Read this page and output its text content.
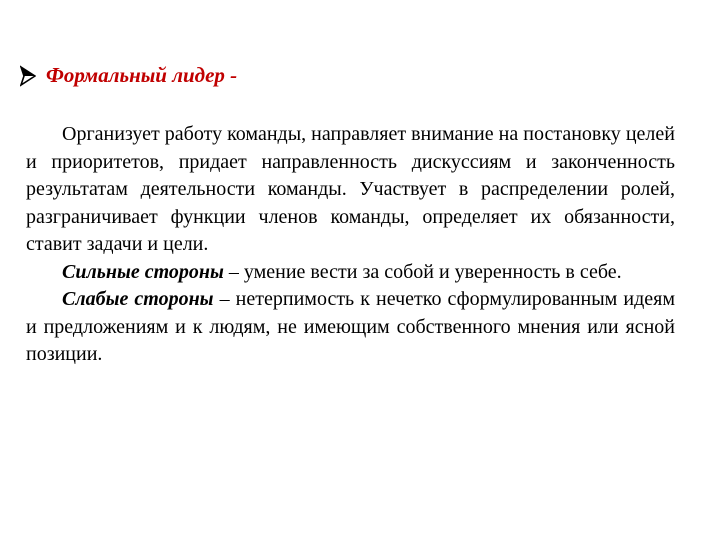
Формальный лидер -

Организует работу команды, направляет внимание на постановку целей и приоритетов, придает направленность дискуссиям и законченность результатам деятельности команды. Участвует в распределении ролей, разграничивает функции членов команды, определяет их обязанности, ставит задачи и цели.

Сильные стороны – умение вести за собой и уверенность в себе.

Слабые стороны – нетерпимость к нечетко сформулированным идеям и предложениям и к людям, не имеющим собственного мнения или ясной позиции.
